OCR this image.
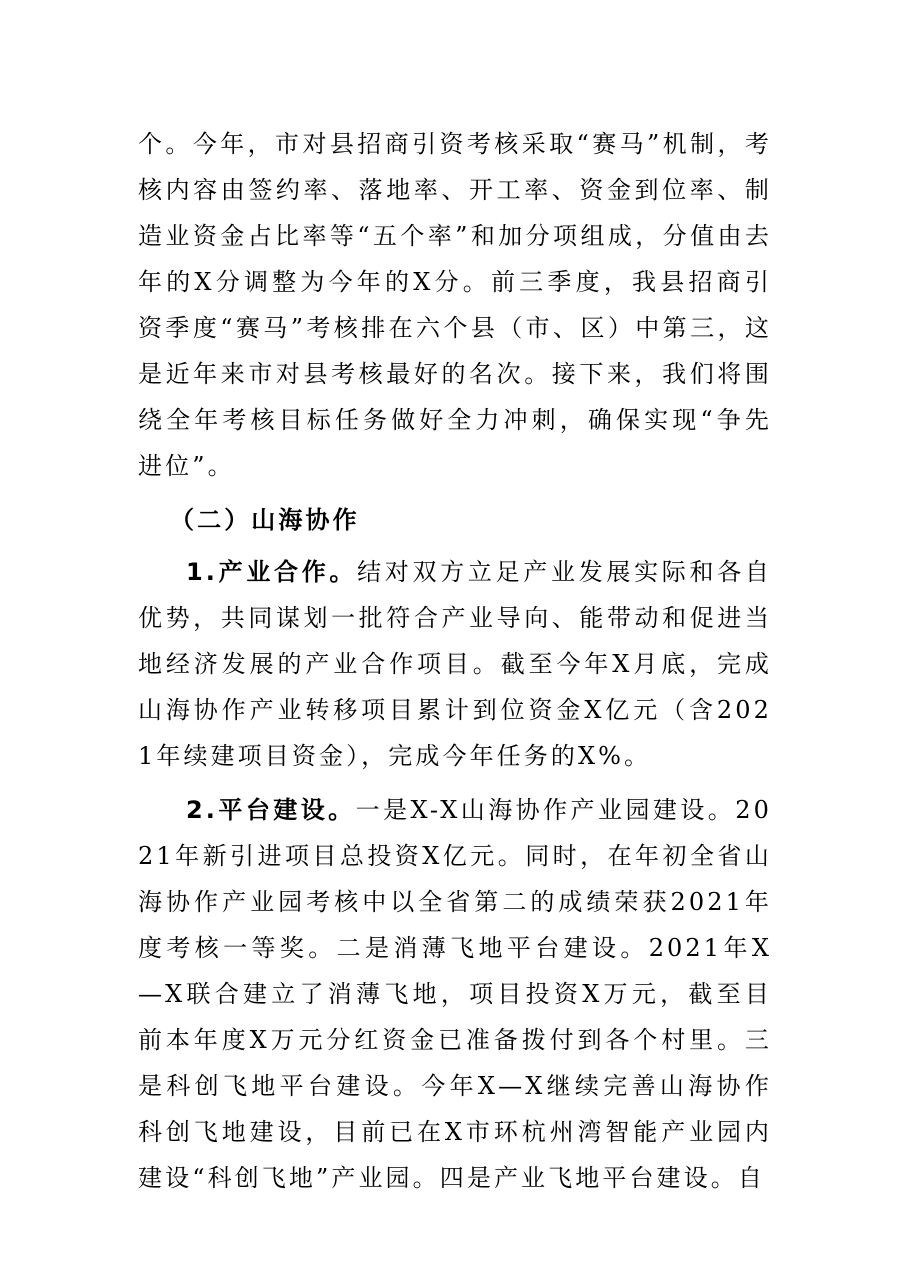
个。今年，市对县招商引资考核采取“赛马”机制，考核内容由签约率、落地率、开工率、资金到位率、制造业资金占比率等“五个率”和加分项组成，分值由去年的X分调整为今年的X分。前三季度，我县招商引资季度“赛马”考核排在六个县（市、区）中第三，这是近年来市对县考核最好的名次。接下来，我们将围绕全年考核目标任务做好全力冲刺，确保实现“争先进位”。

（二）山海协作

1.产业合作。结对双方立足产业发展实际和各自优势，共同谋划一批符合产业导向、能带动和促进当地经济发展的产业合作项目。截至今年X月底，完成山海协作产业转移项目累计到位资金X亿元（含2021年续建项目资金），完成今年任务的X%。

2.平台建设。一是X-X山海协作产业园建设。2021年新引进项目总投资X亿元。同时，在年初全省山海协作产业园考核中以全省第二的成绩荣获2021年度考核一等奖。二是消薄飞地平台建设。2021年X—X联合建立了消薄飞地，项目投资X万元，截至目前本年度X万元分红资金已准备拨付到各个村里。三是科创飞地平台建设。今年X—X继续完善山海协作科创飞地建设，目前已在X市环杭州湾智能产业园内建设“科创飞地”产业园。四是产业飞地平台建设。自
